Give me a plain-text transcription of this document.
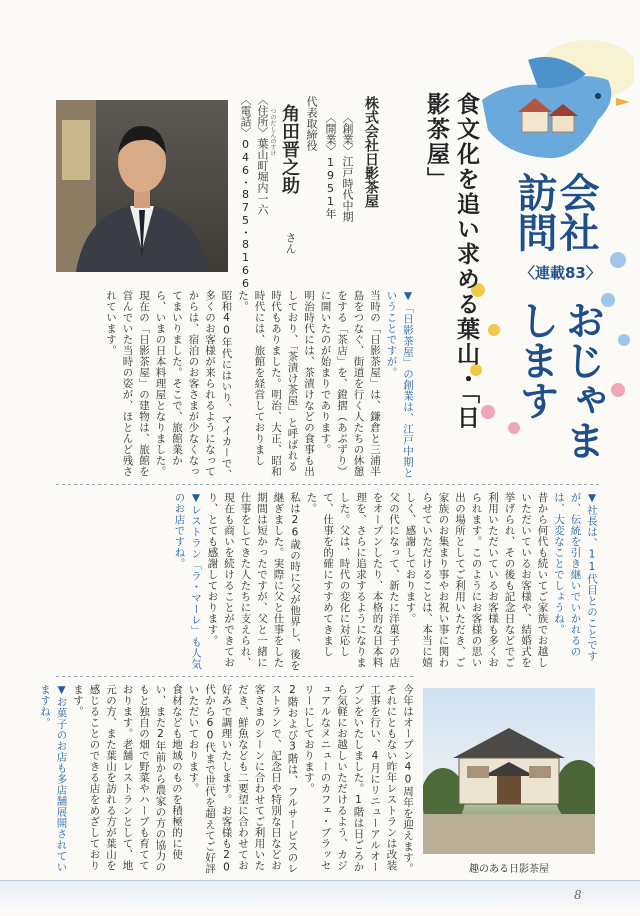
会社
訪問
〈連載83〉
おじゃま
します
食文化を追い求める葉山・「日影茶屋」
株式会社日影茶屋
〈創業〉江戸時代中期
〈開業〉1951年
代表取締役
角田晋之助
つのだしんのすけ
さん
〈住所〉葉山町堀内一六
〈電話〉046・875・8166
▼「日影茶屋」の創業は、江戸中期ということですが。
当時の「日影茶屋」は、鎌倉と三浦半島をつなぐ、街道を行く人たちの休憩をする「茶店」を、鐙摺（あぶずり）に開いたのが始まりであります。
明治時代には、茶漬けなどの食事も出しており、「茶漬け茶屋」と呼ばれる時代もありました。明治、大正、昭和時代には、旅館を経営しておりました。
昭和40年代にはいり、マイカーで、多くのお客様が来られるようになってからは、宿泊のお客さまが少なくなってまいりました。そこで、旅館業から、いまの日本料理屋となりました。
現在の「日影茶屋」の建物は、旅館を営んでいた当時の姿が、ほとんど残されています。
▼社長は、11代目とのことですが、伝統を引き継いでいかれるのは、大変なことでしょうね。
昔から何代も続いてご家族でお越しいただいているお客様や、結婚式を挙げられ、その後も記念日などでご利用いただいているお客様も多くおられます。このようにお客様の思い出の場所としてご利用いただき、ご家族のお集まり事やお祝い事に関わらせていただけることは、本当に嬉しく、感謝しております。
父の代になって、新たに洋菓子の店をオープンしたり、本格的な日本料理を、さらに追求するようになりました。父は、時代の変化に対応して、仕事を的確にすすめてきました。
私は26歳の時に父が他界し、後を継ぎました。実際に父と仕事をした期間は短かったですが、父と一緒に仕事をしてきた人たちに支えられ、現在も商いを続けることができており、とても感謝しております。
▼レストラン「ラ・マーレ」も人気のお店ですね。
今年はオープン40周年を迎えます。それにともない昨年レストランは改装工事を行い、4月にリニューアルオープンをいたしました。1階は日ごろから気軽にお越しいただけるよう、カジュアルなメニューのカフェ・ブラッセリーにしております。
2階および3階は、フルサービスのレストランで、記念日や特別な日などお客さまのシーンに合わせてご利用いただき、鮮魚なども二要望に合わせてお好みで調理いたします。お客様も20代から60代まで世代を超えてご好評いただいております。
食材なども地域のものを積極的に使い、また2年前から農家の方の協力のもと独自の畑で野菜やハーブも育てております。老舗レストランとして、地元の方、また葉山を訪れる方が葉山を感じることのできる店をめざしております。
▼お菓子のお店も多店舗展開されていますね。
趣のある日影茶屋
8
